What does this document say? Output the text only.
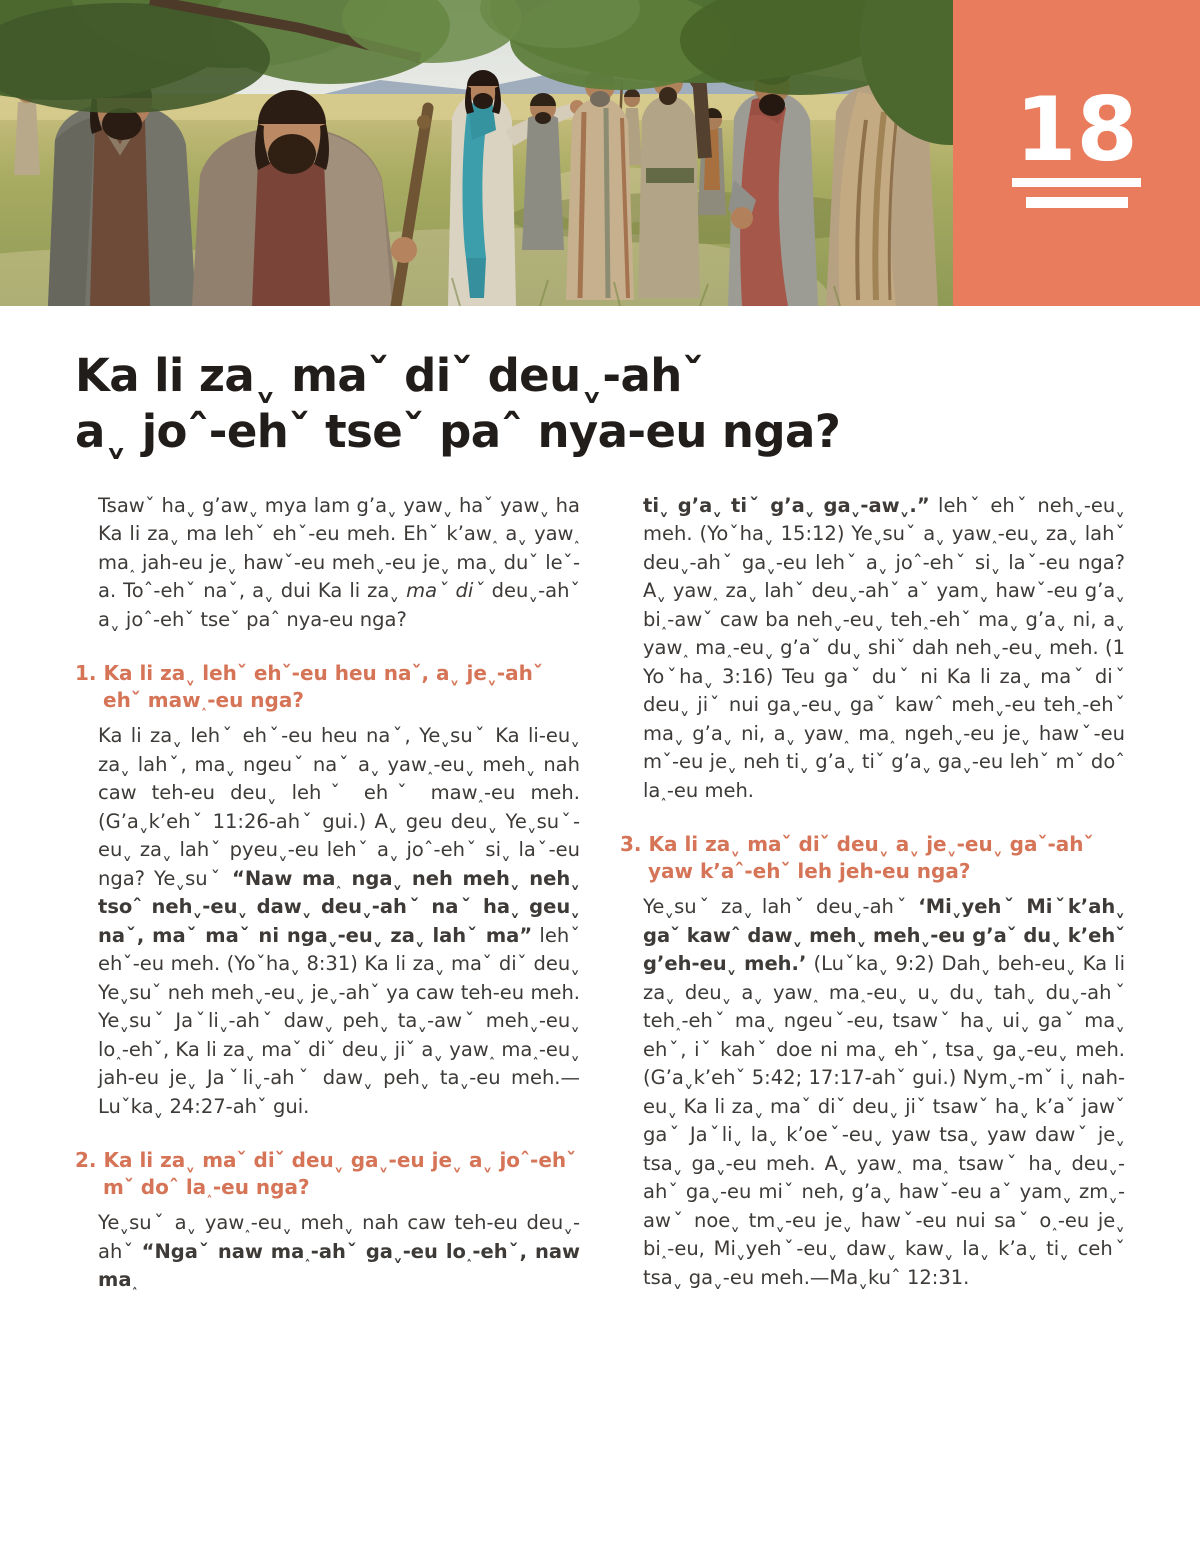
18
Ka li zaˬ maˇ diˇ deuˬ-ahˇ
aˬ joˆ-ehˇ tseˇ paˆ nya-eu nga?

Tsawˇ haˬ g’awˬ mya lam g’aˬ yawˬ haˇ yawˬ ha Ka li zaˬ ma lehˇ ehˇ-eu meh. Ehˇ k’aw˰ aˬ yaw˰ ma˰ jah-eu jeˬ hawˇ-eu mehˬ-eu jeˬ maˬ duˇ leˇ-a. Toˆ-ehˇ naˇ, aˬ dui Ka li zaˬ maˇ diˇ deuˬ-ahˇ aˬ joˆ-ehˇ tseˇ paˆ nya-eu nga?

1. Ka li zaˬ lehˇ ehˇ-eu heu naˇ, aˬ jeˬ-ahˇ ehˇ maw˰-eu nga?

Ka li zaˬ lehˇ ehˇ-eu heu naˇ, Yeˬsuˇ Ka li-euˬ zaˬ lahˇ, maˬ ngeuˇ naˇ aˬ yaw˰-euˬ mehˬ nah caw teh-eu deuˬ lehˇ ehˇ maw˰-eu meh. (G’aˬk’ehˇ 11:26-ahˇ gui.) Aˬ geu deuˬ Yeˬsuˇ-euˬ zaˬ lahˇ pyeuˬ-eu lehˇ aˬ joˆ-ehˇ siˬ laˇ-eu nga? Yeˬsuˇ “Naw ma˰ ngaˬ neh mehˬ nehˬ tsoˆ nehˬ-euˬ dawˬ deuˬ-ahˇ naˇ haˬ geuˬ naˇ, maˇ maˇ ni ngaˬ-euˬ zaˬ lahˇ ma” lehˇ ehˇ-eu meh. (Yoˇhaˬ 8:31) Ka li zaˬ maˇ diˇ deuˬ Yeˬsuˇ neh mehˬ-euˬ jeˬ-ahˇ ya caw teh-eu meh. Yeˬsuˇ Jaˇliˬ-ahˇ dawˬ pehˬ taˬ-awˇ mehˬ-euˬ lo˰-ehˇ, Ka li zaˬ maˇ diˇ deuˬ jiˇ aˬ yaw˰ ma˰-euˬ jah-eu jeˬ Jaˇliˬ-ahˇ dawˬ pehˬ taˬ-eu meh.—Luˇkaˬ 24:27-ahˇ gui.

2. Ka li zaˬ maˇ diˇ deuˬ gaˬ-eu jeˬ aˬ joˆ-ehˇ mˇ doˆ la˰-eu nga?

Yeˬsuˇ aˬ yaw˰-euˬ mehˬ nah caw teh-eu deuˬ-ahˇ “Ngaˇ naw ma˰-ahˇ gaˬ-eu lo˰-ehˇ, naw ma˰

tiˬ g’aˬ tiˇ g’aˬ gaˬ-awˬ.” lehˇ ehˇ nehˬ-euˬ meh. (Yoˇhaˬ 15:12) Yeˬsuˇ aˬ yaw˰-euˬ zaˬ lahˇ deuˬ-ahˇ gaˬ-eu lehˇ aˬ joˆ-ehˇ siˬ laˇ-eu nga? Aˬ yaw˰ zaˬ lahˇ deuˬ-ahˇ aˇ yamˬ hawˇ-eu g’aˬ bi˰-awˇ caw ba nehˬ-euˬ teh˰-ehˇ maˬ g’aˬ ni, aˬ yaw˰ ma˰-euˬ g’aˇ duˬ shiˇ dah nehˬ-euˬ meh. (1 Yoˇhaˬ 3:16) Teu gaˇ duˇ ni Ka li zaˬ maˇ diˇ deuˬ jiˇ nui gaˬ-euˬ gaˇ kawˆ mehˬ-eu teh˰-ehˇ maˬ g’aˬ ni, aˬ yaw˰ ma˰ ngehˬ-eu jeˬ hawˇ-eu mˇ-eu jeˬ neh tiˬ g’aˬ tiˇ g’aˬ gaˬ-eu lehˇ mˇ doˆ la˰-eu meh.

3. Ka li zaˬ maˇ diˇ deuˬ aˬ jeˬ-euˬ gaˇ-ahˇ yaw k’aˆ-ehˇ leh jeh-eu nga?

Yeˬsuˇ zaˬ lahˇ deuˬ-ahˇ ‘Miˬyehˇ Miˇk’ahˬ gaˇ kawˆ dawˬ mehˬ mehˬ-eu g’aˇ duˬ k’ehˇ g’eh-euˬ meh.’ (Luˇkaˬ 9:2) Dahˬ beh-euˬ Ka li zaˬ deuˬ aˬ yaw˰ ma˰-euˬ uˬ duˬ tahˬ duˬ-ahˇ teh˰-ehˇ maˬ ngeuˇ-eu, tsawˇ haˬ uiˬ gaˇ maˬ ehˇ, iˇ kahˇ doe ni maˬ ehˇ, tsaˬ gaˬ-euˬ meh. (G’aˬk’ehˇ 5:42; 17:17-ahˇ gui.) Nymˬ-mˇ iˬ nah-euˬ Ka li zaˬ maˇ diˇ deuˬ jiˇ tsawˇ haˬ k’aˇ jawˇ gaˇ Jaˇliˬ laˬ k’oeˇ-euˬ yaw tsaˬ yaw dawˇ jeˬ tsaˬ gaˬ-eu meh. Aˬ yaw˰ ma˰ tsawˇ haˬ deuˬ-ahˇ gaˬ-eu miˇ neh, g’aˬ hawˇ-eu aˇ yamˬ zmˬ-awˇ noeˬ tmˬ-eu jeˬ hawˇ-eu nui saˇ o˰-eu jeˬ bi˰-eu, Miˬyehˇ-euˬ dawˬ kawˬ laˬ k’aˬ tiˬ cehˇ tsaˬ gaˬ-eu meh.—Maˬkuˆ 12:31.
